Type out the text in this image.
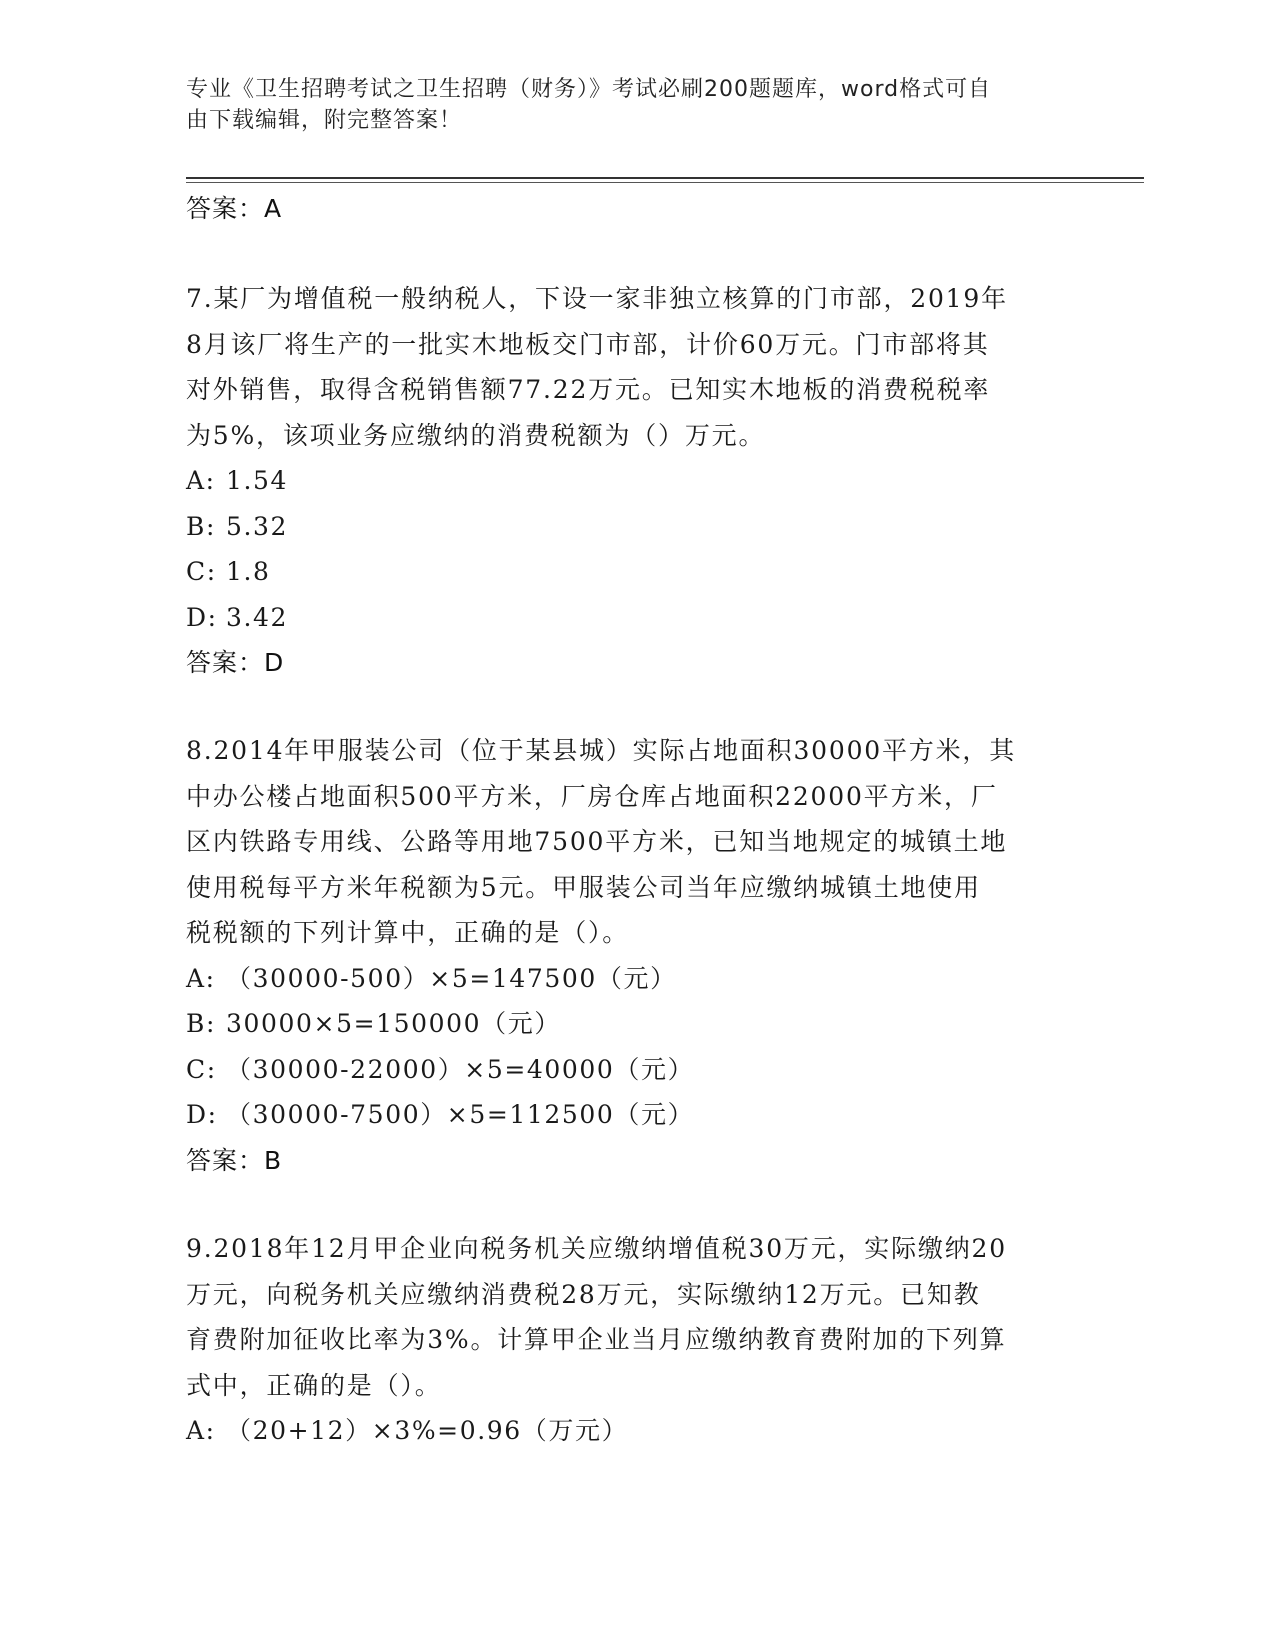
专业《卫生招聘考试之卫生招聘（财务）》考试必刷200题题库，word格式可自
由下载编辑，附完整答案！
答案：A
7.某厂为增值税一般纳税人，下设一家非独立核算的门市部，2019年
8月该厂将生产的一批实木地板交门市部，计价60万元。门市部将其
对外销售，取得含税销售额77.22万元。已知实木地板的消费税税率
为5%，该项业务应缴纳的消费税额为（）万元。
A: 1.54
B: 5.32
C: 1.8
D: 3.42
答案：D
8.2014年甲服装公司（位于某县城）实际占地面积30000平方米，其
中办公楼占地面积500平方米，厂房仓库占地面积22000平方米，厂
区内铁路专用线、公路等用地7500平方米，已知当地规定的城镇土地
使用税每平方米年税额为5元。甲服装公司当年应缴纳城镇土地使用
税税额的下列计算中，正确的是（）。
A: （30000-500）×5=147500（元）
B: 30000×5=150000（元）
C: （30000-22000）×5=40000（元）
D: （30000-7500）×5=112500（元）
答案：B
9.2018年12月甲企业向税务机关应缴纳增值税30万元，实际缴纳20
万元，向税务机关应缴纳消费税28万元，实际缴纳12万元。已知教
育费附加征收比率为3%。计算甲企业当月应缴纳教育费附加的下列算
式中，正确的是（）。
A: （20+12）×3%=0.96（万元）
